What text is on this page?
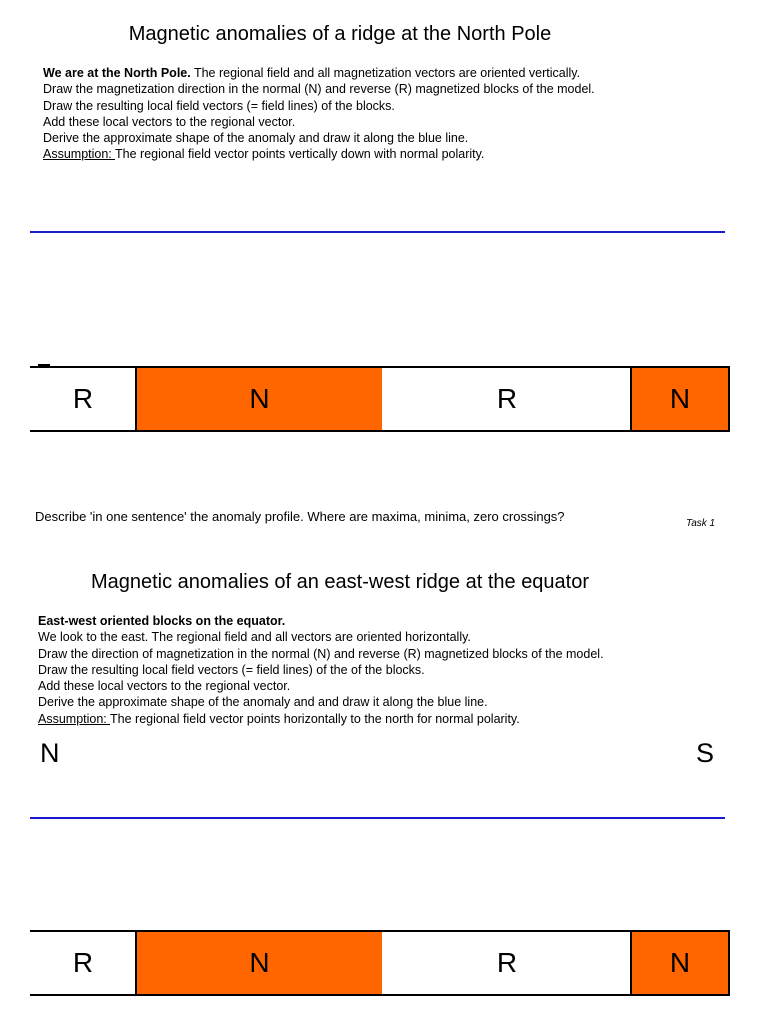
Magnetic anomalies of a ridge at the North Pole
We are at the North Pole. The regional field and all magnetization vectors are oriented vertically.
Draw the magnetization direction in the normal (N) and reverse (R) magnetized blocks of the model.
Draw the resulting local field vectors (= field lines) of the blocks.
Add these local vectors to the regional vector.
Derive the approximate shape of the anomaly and draw it along the blue line.
Assumption: The regional field vector points vertically down with normal polarity.
R	N	R	N
Describe 'in one sentence' the anomaly profile. Where are maxima, minima, zero crossings?	Task 1
Magnetic anomalies of an east-west ridge at the equator
East-west oriented blocks on the equator.
We look to the east. The regional field and all vectors are oriented horizontally.
Draw the direction of magnetization in the normal (N) and reverse (R) magnetized blocks of the model.
Draw the resulting local field vectors (= field lines) of the of the blocks.
Add these local vectors to the regional vector.
Derive the approximate shape of the anomaly and and draw it along the blue line.
Assumption: The regional field vector points horizontally to the north for normal polarity.
N	S
R	N	R	N
